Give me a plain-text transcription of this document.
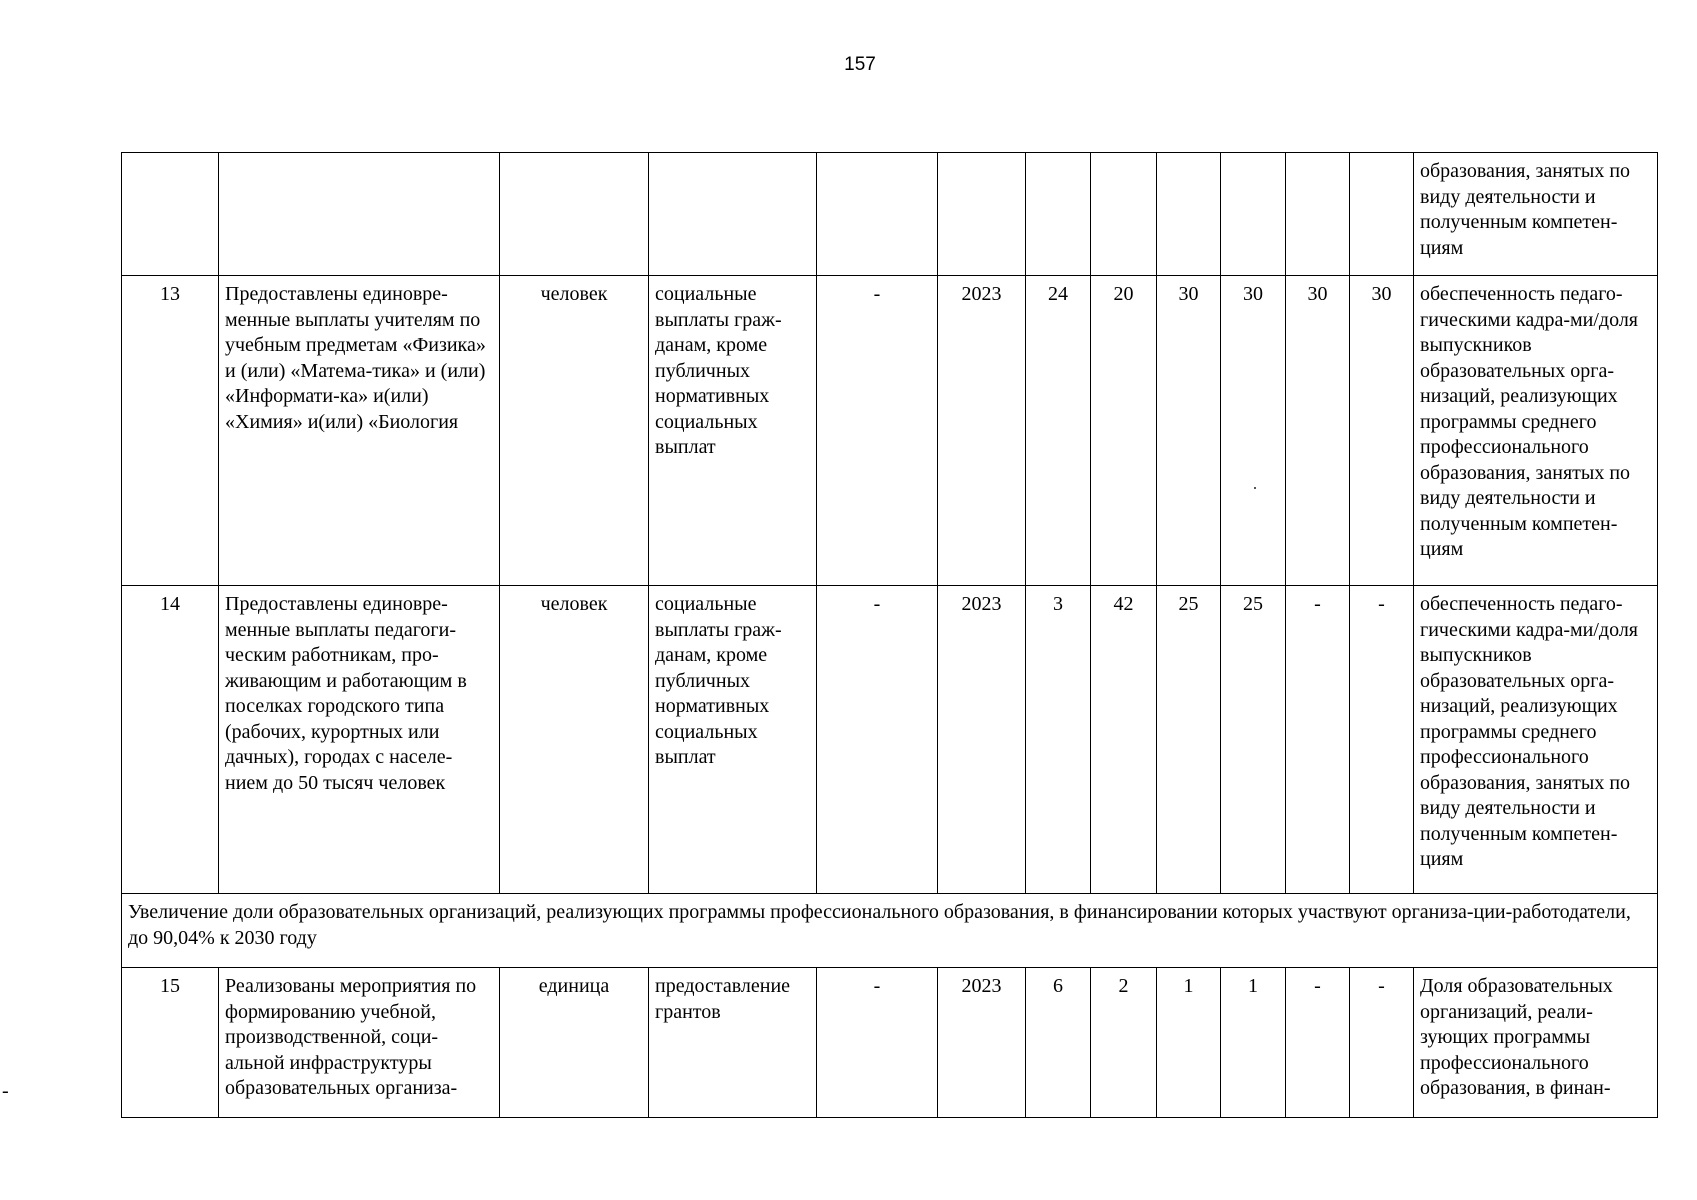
157
-
												образования, занятых по виду деятельности и полученным компетен-циям
13	Предоставлены единовре-менные выплаты учителям по учебным предметам «Физика» и (или) «Матема-тика» и (или) «Информати-ка» и(или) «Химия» и(или) «Биология	человек	социальные выплаты граж-данам, кроме публичных нормативных социальных выплат	-	2023	24	20	30	30	30	30	обеспеченность педаго-гическими кадра-ми/доля выпускников образовательных орга-низаций, реализующих программы среднего профессионального образования, занятых по виду деятельности и полученным компетен-циям
14	Предоставлены единовре-менные выплаты педагоги-ческим работникам, про-живающим и работающим в поселках городского типа (рабочих, курортных или дачных), городах с населе-нием до 50 тысяч человек	человек	социальные выплаты граж-данам, кроме публичных нормативных социальных выплат	-	2023	3	42	25	25	-	-	обеспеченность педаго-гическими кадра-ми/доля выпускников образовательных орга-низаций, реализующих программы среднего профессионального образования, занятых по виду деятельности и полученным компетен-циям
Увеличение доли образовательных организаций, реализующих программы профессионального образования, в финансировании которых участвуют организа-ции-работодатели, до 90,04% к 2030 году												
15	Реализованы мероприятия по формированию учебной, производственной, соци-альной инфраструктуры образовательных организа-	единица	предоставление грантов	-	2023	6	2	1	1	-	-	Доля образовательных организаций, реали-зующих программы профессионального образования, в финан-
